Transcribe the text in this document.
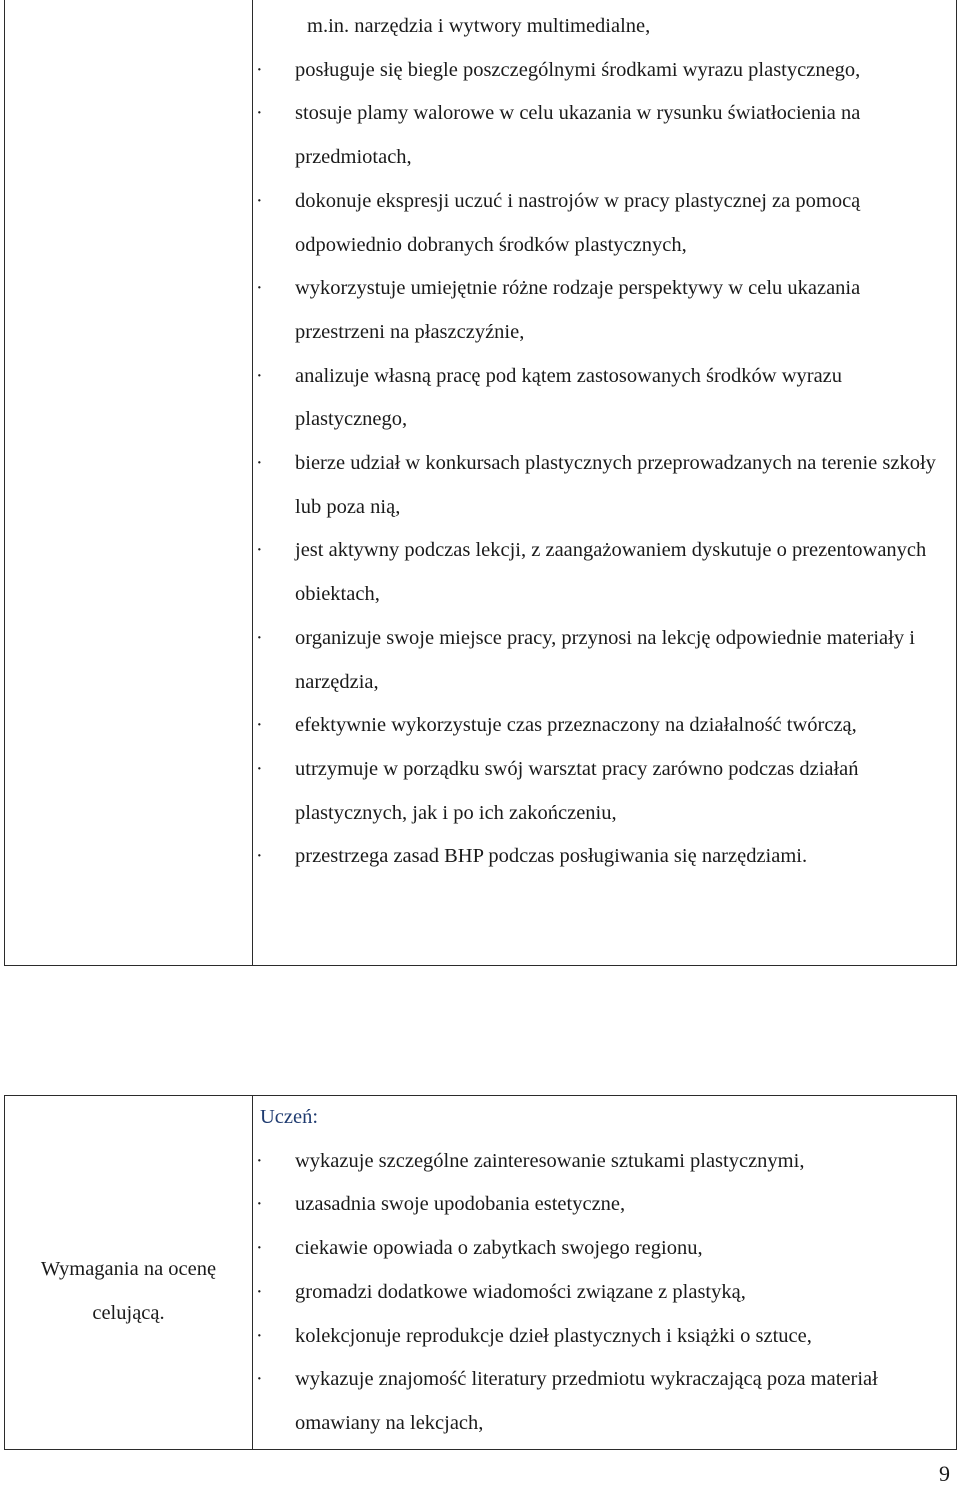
m.in. narzędzia i wytwory multimedialne,
· posługuje się biegle poszczególnymi środkami wyrazu plastycznego,
· stosuje plamy walorowe w celu ukazania w rysunku światłocienia na przedmiotach,
· dokonuje ekspresji uczuć i nastrojów w pracy plastycznej za pomocą odpowiednio dobranych środków plastycznych,
· wykorzystuje umiejętnie różne rodzaje perspektywy w celu ukazania przestrzeni na płaszczyźnie,
· analizuje własną pracę pod kątem zastosowanych środków wyrazu plastycznego,
· bierze udział w konkursach plastycznych przeprowadzanych na terenie szkoły lub poza nią,
· jest aktywny podczas lekcji, z zaangażowaniem dyskutuje o prezentowanych obiektach,
· organizuje swoje miejsce pracy, przynosi na lekcję odpowiednie materiały i narzędzia,
· efektywnie wykorzystuje czas przeznaczony na działalność twórczą,
· utrzymuje w porządku swój warsztat pracy zarówno podczas działań plastycznych, jak i po ich zakończeniu,
· przestrzega zasad BHP podczas posługiwania się narzędziami.
Wymagania na ocenę celującą.	
Uczeń:
· wykazuje szczególne zainteresowanie sztukami plastycznymi,
· uzasadnia swoje upodobania estetyczne,
· ciekawie opowiada o zabytkach swojego regionu,
· gromadzi dodatkowe wiadomości związane z plastyką,
· kolekcjonuje reprodukcje dzieł plastycznych i książki o sztuce,
· wykazuje znajomość literatury przedmiotu wykraczającą poza materiał omawiany na lekcjach,
9
